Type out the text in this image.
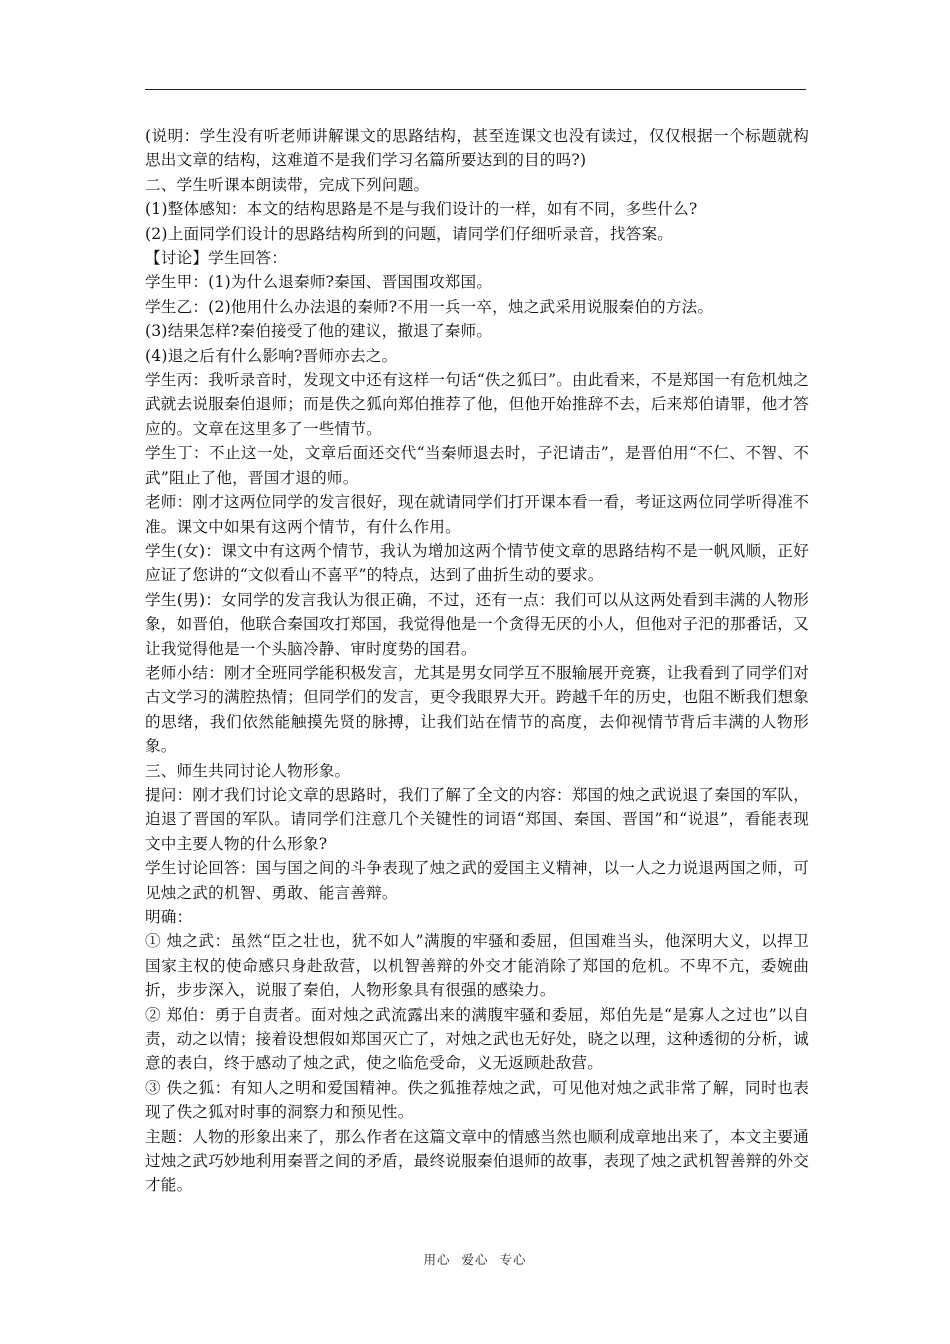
(说明：学生没有听老师讲解课文的思路结构，甚至连课文也没有读过，仅仅根据一个标题就构思出文章的结构，这难道不是我们学习名篇所要达到的目的吗?)

二、学生听课本朗读带，完成下列问题。

(1)整体感知：本文的结构思路是不是与我们设计的一样，如有不同，多些什么?

(2)上面同学们设计的思路结构所到的问题，请同学们仔细听录音，找答案。

【讨论】学生回答：

学生甲：(1)为什么退秦师?秦国、晋国围攻郑国。

学生乙：(2)他用什么办法退的秦师?不用一兵一卒，烛之武采用说服秦伯的方法。

(3)结果怎样?秦伯接受了他的建议，撤退了秦师。

(4)退之后有什么影响?晋师亦去之。

学生丙：我听录音时，发现文中还有这样一句话“佚之狐曰”。由此看来，不是郑国一有危机烛之武就去说服秦伯退师；而是佚之狐向郑伯推荐了他，但他开始推辞不去，后来郑伯请罪，他才答应的。文章在这里多了一些情节。

学生丁：不止这一处，文章后面还交代“当秦师退去时，子汜请击”，是晋伯用“不仁、不智、不武”阻止了他，晋国才退的师。

老师：刚才这两位同学的发言很好，现在就请同学们打开课本看一看，考证这两位同学听得准不准。课文中如果有这两个情节，有什么作用。

学生(女)：课文中有这两个情节，我认为增加这两个情节使文章的思路结构不是一帆风顺，正好应证了您讲的“文似看山不喜平”的特点，达到了曲折生动的要求。

学生(男)：女同学的发言我认为很正确，不过，还有一点：我们可以从这两处看到丰满的人物形象，如晋伯，他联合秦国攻打郑国，我觉得他是一个贪得无厌的小人，但他对子汜的那番话，又让我觉得他是一个头脑冷静、审时度势的国君。

老师小结：刚才全班同学能积极发言，尤其是男女同学互不服输展开竞赛，让我看到了同学们对古文学习的满腔热情；但同学们的发言，更令我眼界大开。跨越千年的历史，也阻不断我们想象的思绪，我们依然能触摸先贤的脉搏，让我们站在情节的高度，去仰视情节背后丰满的人物形象。

三、师生共同讨论人物形象。

提问：刚才我们讨论文章的思路时，我们了解了全文的内容：郑国的烛之武说退了秦国的军队，迫退了晋国的军队。请同学们注意几个关键性的词语“郑国、秦国、晋国”和“说退”，看能表现文中主要人物的什么形象?

学生讨论回答：国与国之间的斗争表现了烛之武的爱国主义精神，以一人之力说退两国之师，可见烛之武的机智、勇敢、能言善辩。

明确：

① 烛之武：虽然“臣之壮也，犹不如人”满腹的牢骚和委屈，但国难当头，他深明大义，以捍卫国家主权的使命感只身赴敌营，以机智善辩的外交才能消除了郑国的危机。不卑不亢，委婉曲折，步步深入，说服了秦伯，人物形象具有很强的感染力。

② 郑伯：勇于自责者。面对烛之武流露出来的满腹牢骚和委屈，郑伯先是“是寡人之过也”以自责，动之以情；接着设想假如郑国灭亡了，对烛之武也无好处，晓之以理，这种透彻的分析，诚意的表白，终于感动了烛之武，使之临危受命，义无返顾赴敌营。

③ 佚之狐：有知人之明和爱国精神。佚之狐推荐烛之武，可见他对烛之武非常了解，同时也表现了佚之狐对时事的洞察力和预见性。

主题：人物的形象出来了，那么作者在这篇文章中的情感当然也顺利成章地出来了，本文主要通过烛之武巧妙地利用秦晋之间的矛盾，最终说服秦伯退师的故事，表现了烛之武机智善辩的外交才能。

用心 爱心 专心
